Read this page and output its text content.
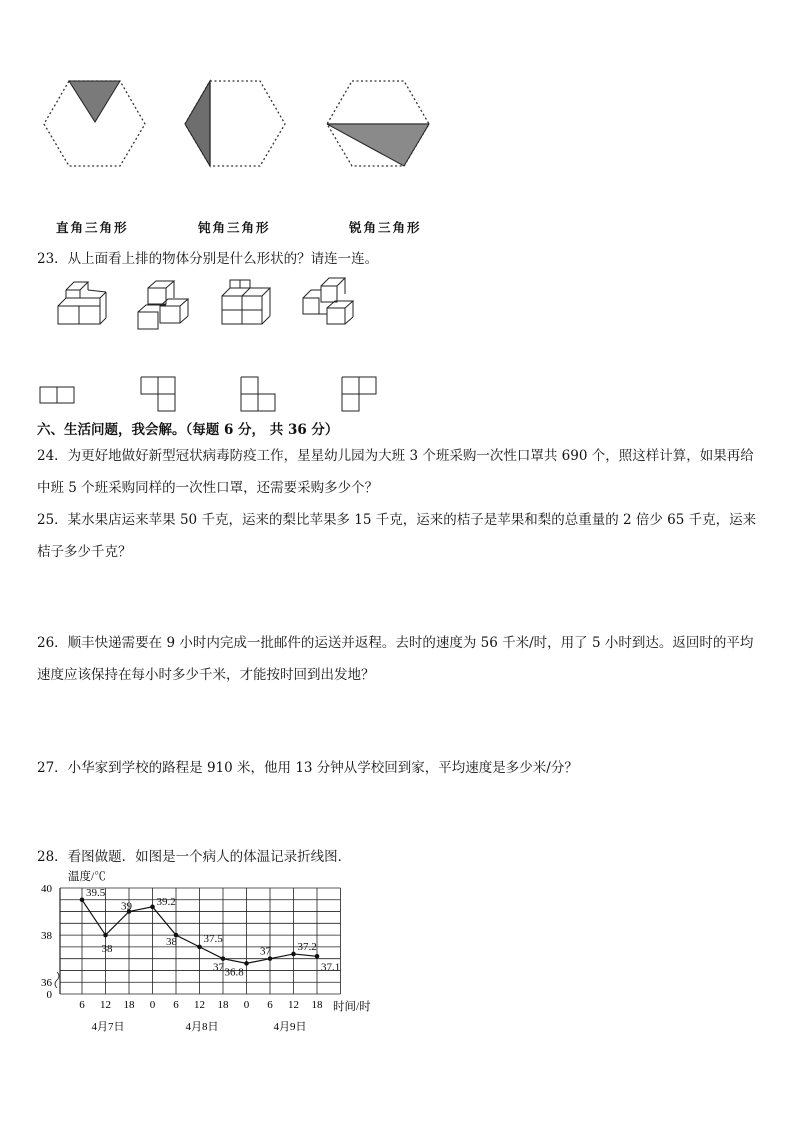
直角三角形	钝角三角形	锐角三角形

23．从上面看上排的物体分别是什么形状的？请连一连。

六、生活问题，我会解。（每题 6 分， 共 36 分）

24．为更好地做好新型冠状病毒防疫工作，星星幼儿园为大班 3 个班采购一次性口罩共 690 个，照这样计算，如果再给中班 5 个班采购同样的一次性口罩，还需要采购多少个？

25．某水果店运来苹果 50 千克，运来的梨比苹果多 15 千克，运来的桔子是苹果和梨的总重量的 2 倍少 65 千克，运来桔子多少千克？

26．顺丰快递需要在 9 小时内完成一批邮件的运送并返程。去时的速度为 56 千米/时，用了 5 小时到达。返回时的平均速度应该保持在每小时多少千米，才能按时回到出发地？

27．小华家到学校的路程是 910 米，他用 13 分钟从学校回到家，平均速度是多少米/分？

28．看图做题．如图是一个病人的体温记录折线图．

40
38
36
0
温度/℃
时间/时
6 12 18 0 6 12 18 0 6 12 18
4月7日	4月8日	4月9日
39.5
38
39 39.2
38 37.5
37 36.8
37 37.2
37.1
